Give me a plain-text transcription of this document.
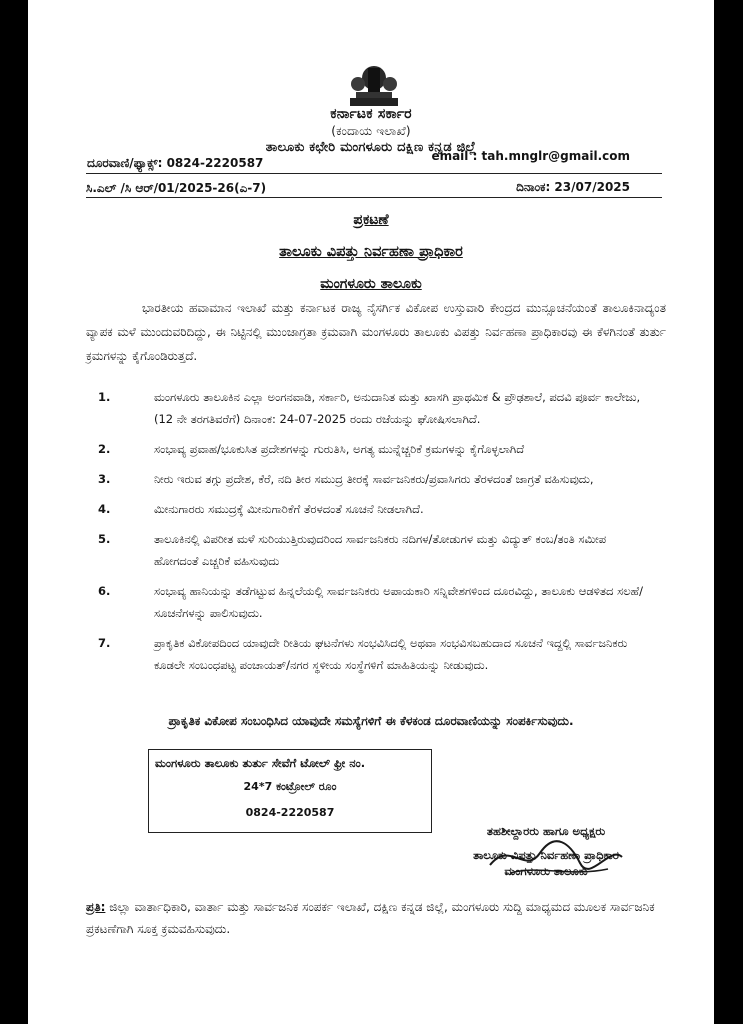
ಕರ್ನಾಟಕ ಸರ್ಕಾರ
(ಕಂದಾಯ ಇಲಾಖೆ)
ತಾಲೂಕು ಕಛೇರಿ ಮಂಗಳೂರು ದಕ್ಷಿಣ ಕನ್ನಡ ಜಿಲ್ಲೆ
email : tah.mnglr@gmail.com
ದೂರವಾಣಿ/ಫ್ಯಾಕ್ಸ್: 0824-2220587
ಸಿ.ಎಲ್ /ಸಿ ಆರ್/01/2025-26(ಎ-7)	ದಿನಾಂಕ: 23/07/2025
ಪ್ರಕಟಣೆ
ತಾಲೂಕು ವಿಪತ್ತು ನಿರ್ವಹಣಾ ಪ್ರಾಧಿಕಾರ
ಮಂಗಳೂರು ತಾಲೂಕು
ಭಾರತೀಯ ಹವಾಮಾನ ಇಲಾಖೆ ಮತ್ತು ಕರ್ನಾಟಕ ರಾಜ್ಯ ನೈಸರ್ಗಿಕ ವಿಕೋಪ ಉಸ್ತುವಾರಿ ಕೇಂದ್ರದ ಮುನ್ಸೂಚನೆಯಂತೆ ತಾಲೂಕಿನಾದ್ಯಂತ ವ್ಯಾಪಕ ಮಳೆ ಮುಂದುವರಿದಿದ್ದು, ಈ ನಿಟ್ಟಿನಲ್ಲಿ ಮುಂಜಾಗ್ರತಾ ಕ್ರಮವಾಗಿ ಮಂಗಳೂರು ತಾಲೂಕು ವಿಪತ್ತು ನಿರ್ವಹಣಾ ಪ್ರಾಧಿಕಾರವು ಈ ಕೆಳಗಿನಂತೆ ತುರ್ತು ಕ್ರಮಗಳನ್ನು ಕೈಗೊಂಡಿರುತ್ತದೆ.
1.	ಮಂಗಳೂರು ತಾಲೂಕಿನ ಎಲ್ಲಾ ಅಂಗನವಾಡಿ, ಸರ್ಕಾರಿ, ಅನುದಾನಿತ ಮತ್ತು ಖಾಸಗಿ ಪ್ರಾಥಮಿಕ & ಪ್ರೌಢಶಾಲೆ, ಪದವಿ ಪೂರ್ವ ಕಾಲೇಜು, (12 ನೇ ತರಗತಿವರೆಗೆ) ದಿನಾಂಕ: 24-07-2025 ರಂದು ರಜೆಯನ್ನು ಘೋಷಿಸಲಾಗಿದೆ.
2.	ಸಂಭಾವ್ಯ ಪ್ರವಾಹ/ಭೂಕುಸಿತ ಪ್ರದೇಶಗಳನ್ನು ಗುರುತಿಸಿ, ಅಗತ್ಯ ಮುನ್ನೆಚ್ಚರಿಕೆ ಕ್ರಮಗಳನ್ನು ಕೈಗೊಳ್ಳಲಾಗಿದೆ
3.	ನೀರು ಇರುವ ತಗ್ಗು ಪ್ರದೇಶ, ಕೆರೆ, ನದಿ ತೀರ ಸಮುದ್ರ ತೀರಕ್ಕೆ ಸಾರ್ವಜನಿಕರು/ಪ್ರವಾಸಿಗರು ತೆರಳದಂತೆ ಜಾಗ್ರತೆ ವಹಿಸುವುದು,
4.	ಮೀನುಗಾರರು ಸಮುದ್ರಕ್ಕೆ ಮೀನುಗಾರಿಕೆಗೆ ತೆರಳದಂತೆ ಸೂಚನೆ ನೀಡಲಾಗಿದೆ.
5.	ತಾಲೂಕಿನಲ್ಲಿ ವಿಪರೀತ ಮಳೆ ಸುರಿಯುತ್ತಿರುವುದರಿಂದ ಸಾರ್ವಜನಿಕರು ನದಿಗಳ/ತೋಡುಗಳ ಮತ್ತು ವಿದ್ಯುತ್ ಕಂಬ/ತಂತಿ ಸಮೀಪ ಹೋಗದಂತೆ ಎಚ್ಚರಿಕೆ ವಹಿಸುವುದು
6.	ಸಂಭಾವ್ಯ ಹಾನಿಯನ್ನು ತಡೆಗಟ್ಟುವ ಹಿನ್ನಲೆಯಲ್ಲಿ ಸಾರ್ವಜನಿಕರು ಅಪಾಯಕಾರಿ ಸನ್ನಿವೇಶಗಳಿಂದ ದೂರವಿದ್ದು, ತಾಲೂಕು ಆಡಳಿತದ ಸಲಹೆ/ಸೂಚನೆಗಳನ್ನು ಪಾಲಿಸುವುದು.
7.	ಪ್ರಾಕೃತಿಕ ವಿಕೋಪದಿಂದ ಯಾವುದೇ ರೀತಿಯ ಘಟನೆಗಳು ಸಂಭವಿಸಿದಲ್ಲಿ ಅಥವಾ ಸಂಭವಿಸಬಹುದಾದ ಸೂಚನೆ ಇದ್ದಲ್ಲಿ ಸಾರ್ವಜನಿಕರು ಕೂಡಲೇ ಸಂಬಂಧಪಟ್ಟ ಪಂಚಾಯತ್/ನಗರ ಸ್ಥಳೀಯ ಸಂಸ್ಥೆಗಳಿಗೆ ಮಾಹಿತಿಯನ್ನು ನೀಡುವುದು.
ಪ್ರಾಕೃತಿಕ ವಿಕೋಪ ಸಂಬಂಧಿಸಿದ ಯಾವುದೇ ಸಮಸ್ಯೆಗಳಿಗೆ ಈ ಕೆಳಕಂಡ ದೂರವಾಣಿಯನ್ನು ಸಂಪರ್ಕಿಸುವುದು.
ಮಂಗಳೂರು ತಾಲೂಕು ತುರ್ತು ಸೇವೆಗೆ ಟೋಲ್ ಫ್ರೀ ನಂ.
24*7 ಕಂಟ್ರೋಲ್ ರೂಂ
0824-2220587
ತಹಶೀಲ್ದಾರರು ಹಾಗೂ ಅಧ್ಯಕ್ಷರು
ತಾಲೂಕು ವಿಪತ್ತು ನಿರ್ವಹಣಾ ಪ್ರಾಧಿಕಾರ
ಮಂಗಳೂರು ತಾಲೂಕು
ಪ್ರತಿ: ಜಿಲ್ಲಾ ವಾರ್ತಾಧಿಕಾರಿ, ವಾರ್ತಾ ಮತ್ತು ಸಾರ್ವಜನಿಕ ಸಂಪರ್ಕ ಇಲಾಖೆ, ದಕ್ಷಿಣ ಕನ್ನಡ ಜಿಲ್ಲೆ, ಮಂಗಳೂರು ಸುದ್ದಿ ಮಾಧ್ಯಮದ ಮೂಲಕ ಸಾರ್ವಜನಿಕ ಪ್ರಕಟಣೆಗಾಗಿ ಸೂಕ್ತ ಕ್ರಮವಹಿಸುವುದು.
